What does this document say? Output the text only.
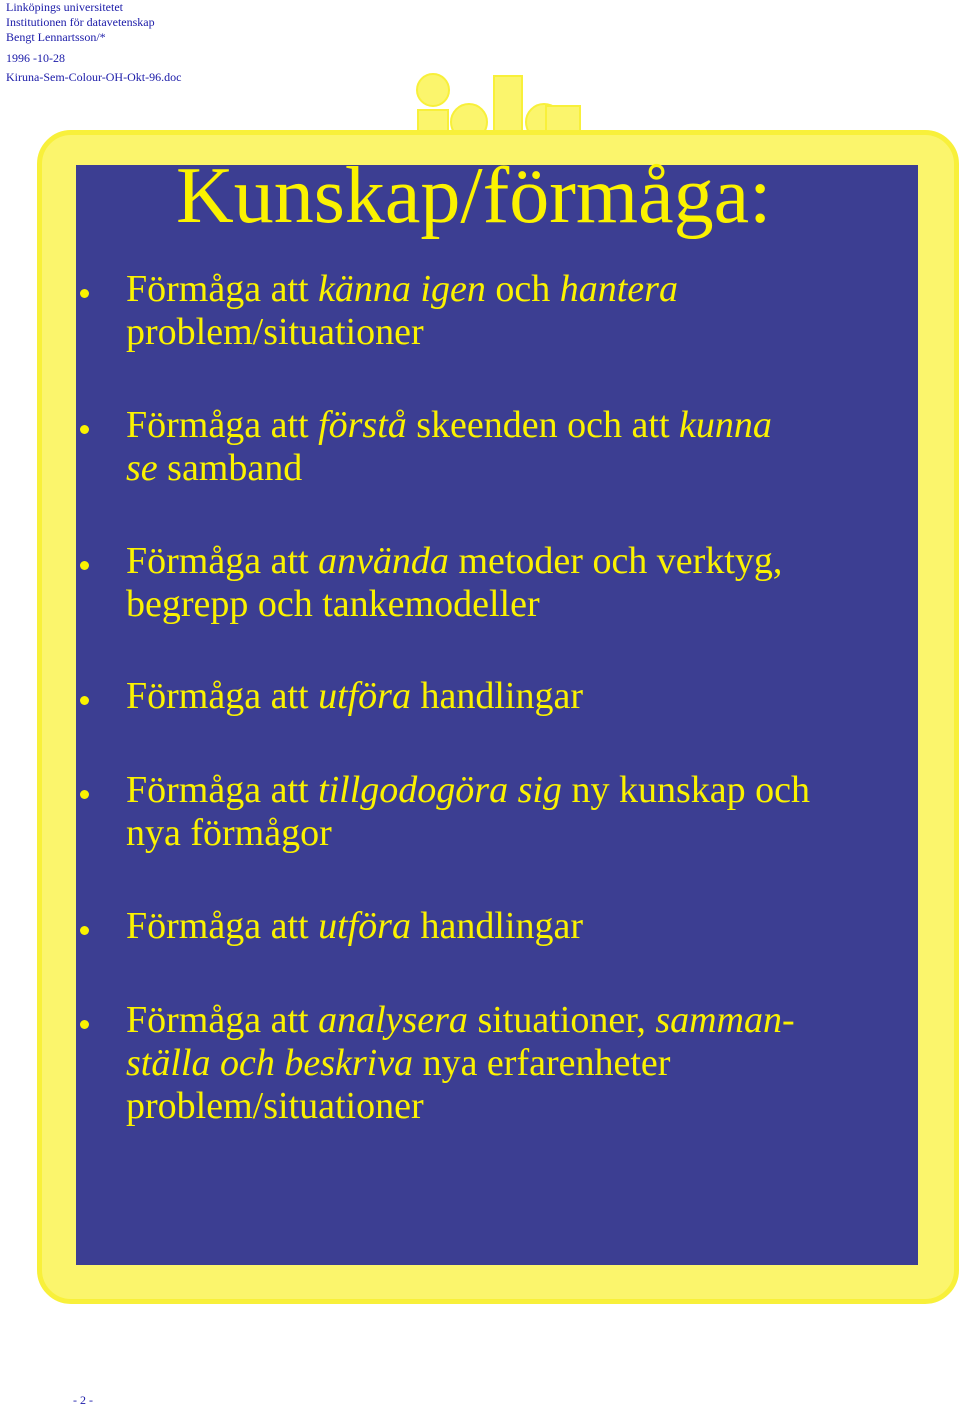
Linköpings universitetet
Institutionen för datavetenskap
Bengt Lennartsson/*
1996 -10-28
Kiruna-Sem-Colour-OH-Okt-96.doc
Kunskap/förmåga:
Förmåga att känna igen och hantera
problem/situationer
Förmåga att förstå skeenden och att kunna
se samband
Förmåga att använda metoder och verktyg,
begrepp och tankemodeller
Förmåga att utföra handlingar
Förmåga att tillgodogöra sig ny kunskap och
nya förmågor
Förmåga att utföra handlingar
Förmåga att analysera situationer, samman-
ställa och beskriva nya erfarenheter
problem/situationer
- 2 -
